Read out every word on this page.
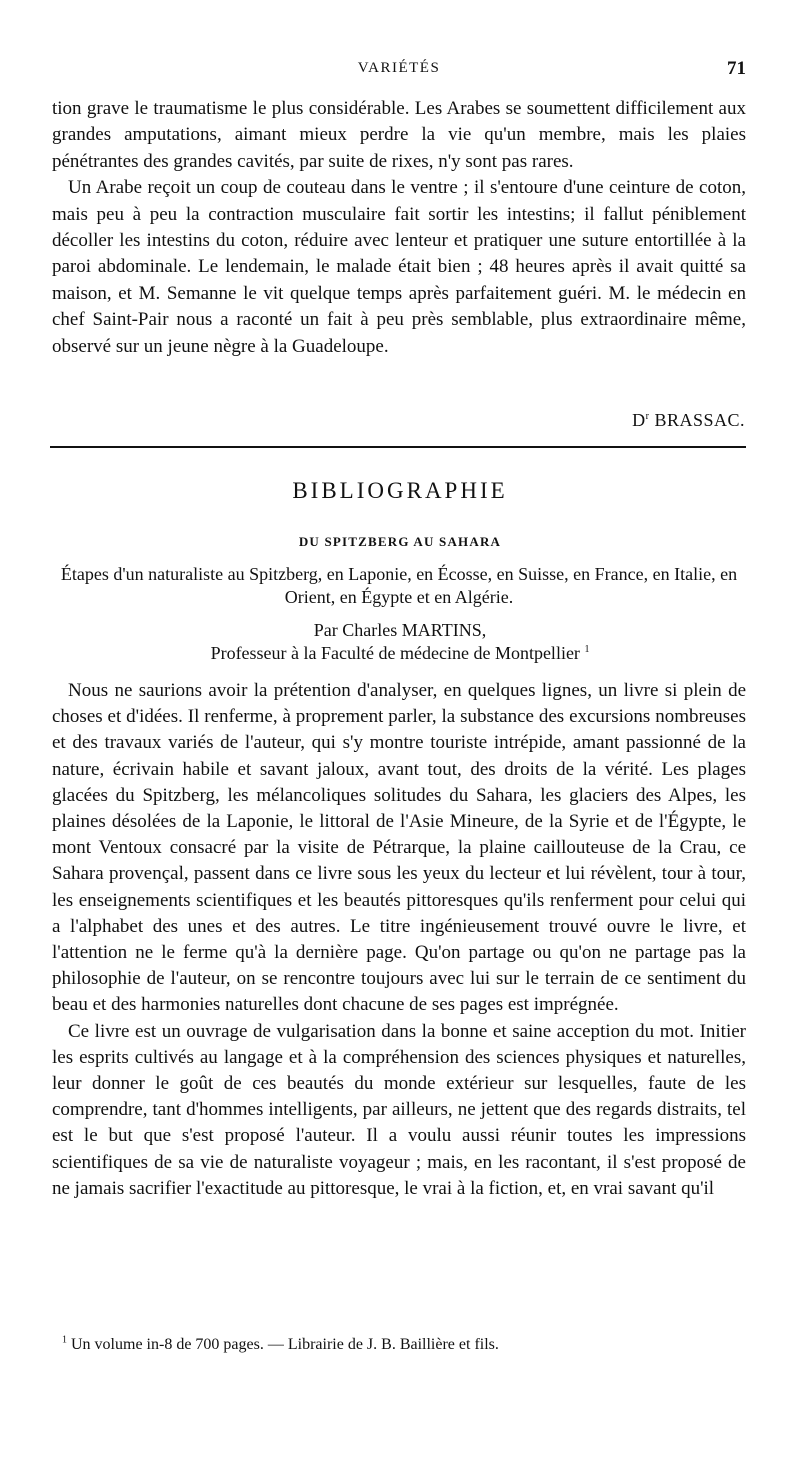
VARIÉTÉS	71

tion grave le traumatisme le plus considérable. Les Arabes se soumettent difficilement aux grandes amputations, aimant mieux perdre la vie qu'un membre, mais les plaies pénétrantes des grandes cavités, par suite de rixes, n'y sont pas rares.

Un Arabe reçoit un coup de couteau dans le ventre ; il s'entoure d'une ceinture de coton, mais peu à peu la contraction musculaire fait sortir les intestins; il fallut péniblement décoller les intestins du coton, réduire avec lenteur et pratiquer une suture entortillée à la paroi abdominale. Le lendemain, le malade était bien ; 48 heures après il avait quitté sa maison, et M. Semanne le vit quelque temps après parfaitement guéri. M. le médecin en chef Saint-Pair nous a raconté un fait à peu près semblable, plus extraordinaire même, observé sur un jeune nègre à la Guadeloupe.

$D^r$ BRASSAC.
BIBLIOGRAPHIE
DU SPITZBERG AU SAHARA
Étapes d'un naturaliste au Spitzberg, en Laponie, en Écosse, en Suisse, en France, en Italie, en Orient, en Égypte et en Algérie.
Par Charles MARTINS,
Professeur à la Faculté de médecine de Montpellier $^1$

Nous ne saurions avoir la prétention d'analyser, en quelques lignes, un livre si plein de choses et d'idées. Il renferme, à proprement parler, la substance des excursions nombreuses et des travaux variés de l'auteur, qui s'y montre touriste intrépide, amant passionné de la nature, écrivain habile et savant jaloux, avant tout, des droits de la vérité. Les plages glacées du Spitzberg, les mélancoliques solitudes du Sahara, les glaciers des Alpes, les plaines désolées de la Laponie, le littoral de l'Asie Mineure, de la Syrie et de l'Égypte, le mont Ventoux consacré par la visite de Pétrarque, la plaine caillouteuse de la Crau, ce Sahara provençal, passent dans ce livre sous les yeux du lecteur et lui révèlent, tour à tour, les enseignements scientifiques et les beautés pittoresques qu'ils renferment pour celui qui a l'alphabet des unes et des autres. Le titre ingénieusement trouvé ouvre le livre, et l'attention ne le ferme qu'à la dernière page. Qu'on partage ou qu'on ne partage pas la philosophie de l'auteur, on se rencontre toujours avec lui sur le terrain de ce sentiment du beau et des harmonies naturelles dont chacune de ses pages est imprégnée.

Ce livre est un ouvrage de vulgarisation dans la bonne et saine acception du mot. Initier les esprits cultivés au langage et à la compréhension des sciences physiques et naturelles, leur donner le goût de ces beautés du monde extérieur sur lesquelles, faute de les comprendre, tant d'hommes intelligents, par ailleurs, ne jettent que des regards distraits, tel est le but que s'est proposé l'auteur. Il a voulu aussi réunir toutes les impressions scientifiques de sa vie de naturaliste voyageur ; mais, en les racontant, il s'est proposé de ne jamais sacrifier l'exactitude au pittoresque, le vrai à la fiction, et, en vrai savant qu'il

$^1$ Un volume in-8 de 700 pages. — Librairie de J. B. Baillière et fils.
